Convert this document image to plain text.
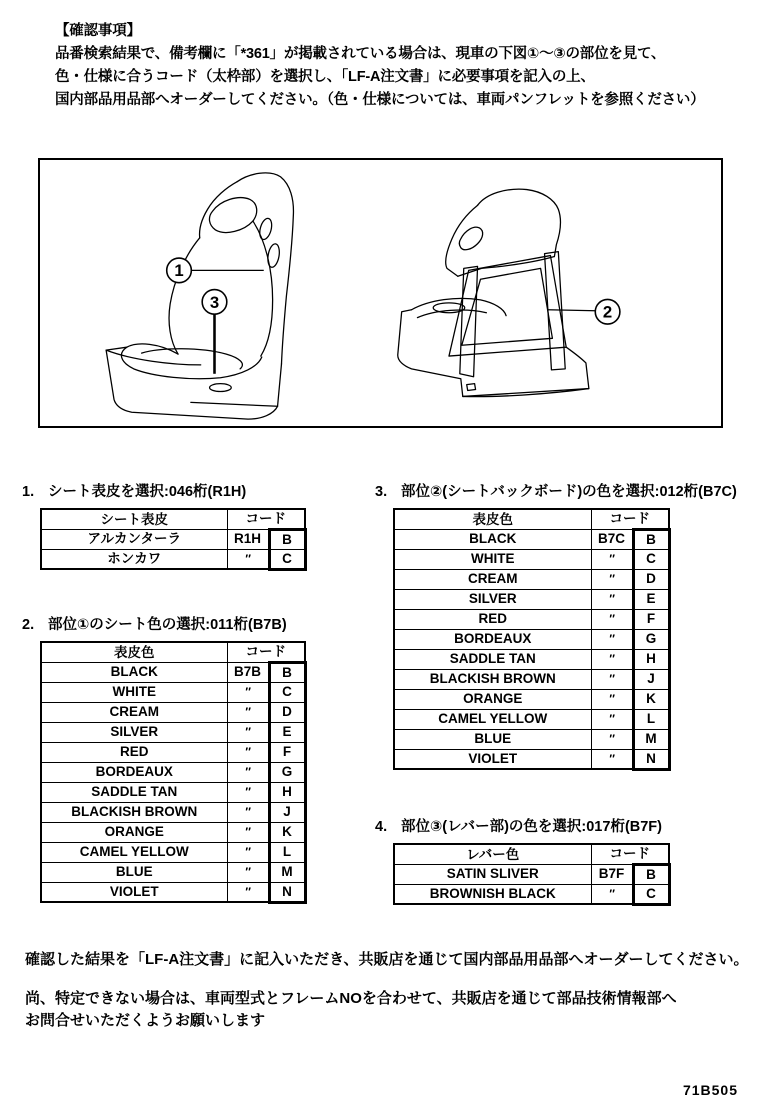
【確認事項】
品番検索結果で、備考欄に「*361」が掲載されている場合は、現車の下図①～③の部位を見て、
色・仕様に合うコード（太枠部）を選択し、「LF-A注文書」に必要事項を記入の上、
国内部品用品部へオーダーしてください。（色・仕様については、車両パンフレットを参照ください）
1
3
2
1. シート表皮を選択:046桁(R1H)
シート表皮	コード	
アルカンターラ	R1H	B
ホンカワ	″	C
2. 部位①のシート色の選択:011桁(B7B)
表皮色	コード	
BLACK	B7B	B
WHITE	″	C
CREAM	″	D
SILVER	″	E
RED	″	F
BORDEAUX	″	G
SADDLE TAN	″	H
BLACKISH BROWN	″	J
ORANGE	″	K
CAMEL YELLOW	″	L
BLUE	″	M
VIOLET	″	N
3. 部位②(シートバックボード)の色を選択:012桁(B7C)
表皮色	コード	
BLACK	B7C	B
WHITE	″	C
CREAM	″	D
SILVER	″	E
RED	″	F
BORDEAUX	″	G
SADDLE TAN	″	H
BLACKISH BROWN	″	J
ORANGE	″	K
CAMEL YELLOW	″	L
BLUE	″	M
VIOLET	″	N
4. 部位③(レバー部)の色を選択:017桁(B7F)
レバー色	コード	
SATIN SLIVER	B7F	B
BROWNISH BLACK	″	C
確認した結果を「LF-A注文書」に記入いただき、共販店を通じて国内部品用品部へオーダーしてください。
尚、特定できない場合は、車両型式とフレームNOを合わせて、共販店を通じて部品技術情報部へ
お問合せいただくようお願いします
71B505
